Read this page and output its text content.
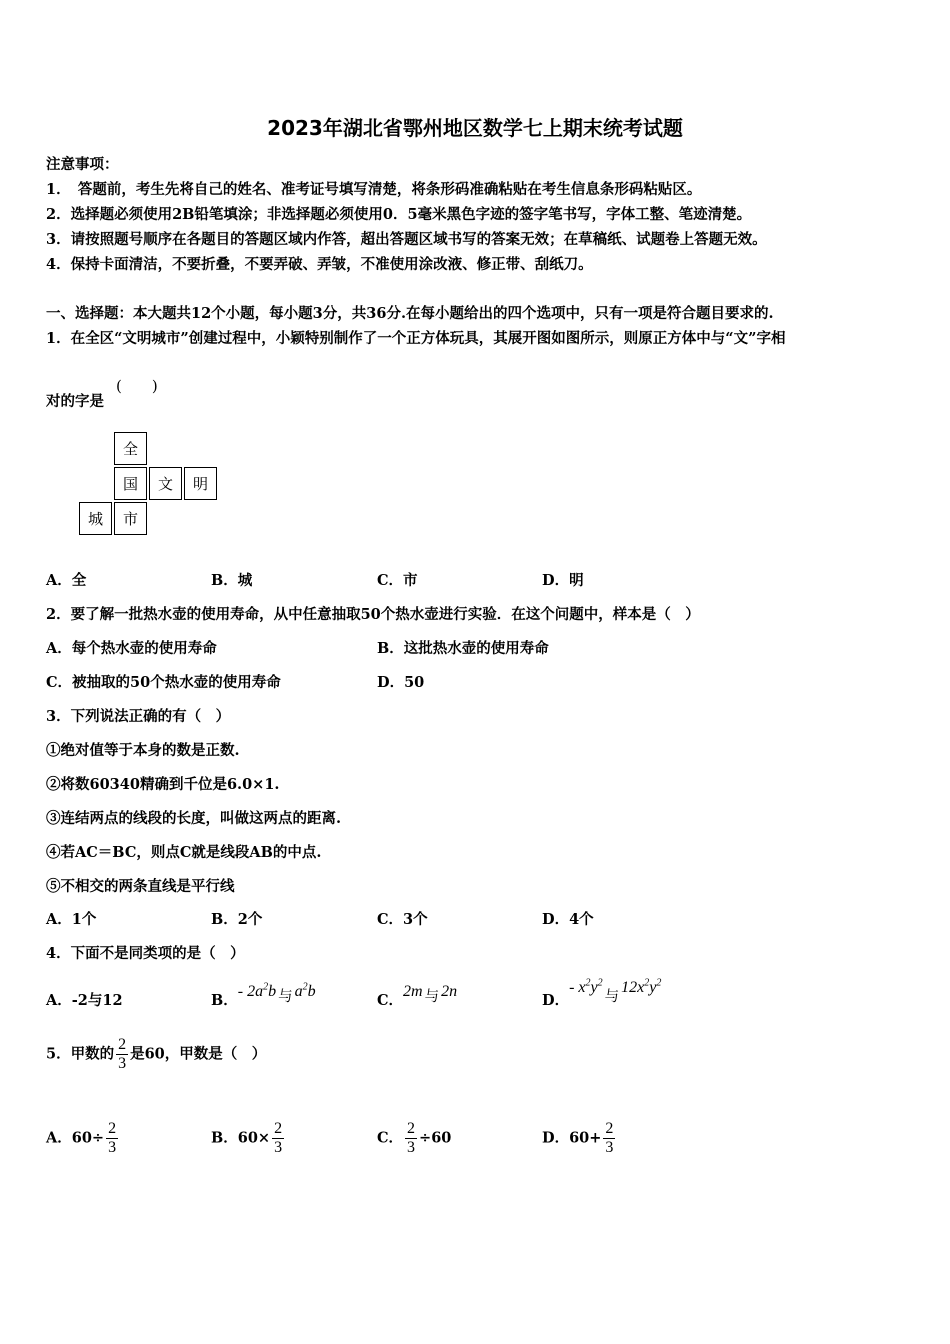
2023年湖北省鄂州地区数学七上期末统考试题
注意事项：
1．　答题前，考生先将自己的姓名、准考证号填写清楚，将条形码准确粘贴在考生信息条形码粘贴区。
2．选择题必须使用2B铅笔填涂；非选择题必须使用0．5毫米黑色字迹的签字笔书写，字体工整、笔迹清楚。
3．请按照题号顺序在各题目的答题区域内作答，超出答题区域书写的答案无效；在草稿纸、试题卷上答题无效。
4．保持卡面清洁，不要折叠，不要弄破、弄皱，不准使用涂改液、修正带、刮纸刀。
一、选择题：本大题共12个小题，每小题3分，共36分.在每小题给出的四个选项中，只有一项是符合题目要求的.
1．在全区“文明城市”创建过程中，小颖特别制作了一个正方体玩具，其展开图如图所示，则原正方体中与“文”字相
对的字是
(　　)
全
国	文	明
城	市
A．全	B．城	C．市	D．明
2．要了解一批热水壶的使用寿命，从中任意抽取50个热水壶进行实验．在这个问题中，样本是（　）
A．每个热水壶的使用寿命	B．这批热水壶的使用寿命
C．被抽取的50个热水壶的使用寿命	D．50
3．下列说法正确的有（　）
①绝对值等于本身的数是正数.
②将数60340精确到千位是6.0×1.
③连结两点的线段的长度，叫做这两点的距离.
④若AC＝BC，则点C就是线段AB的中点.
⑤不相交的两条直线是平行线
A．1个	B．2个	C．3个	D．4个
4．下面不是同类项的是（　）
A．-2与12	B．- $2a^2b$ 与 $a^2b$
C．2m 与 2n
D．- $x^2y^2$与$12x^2y^2$
5．甲数的 $\frac{2}{3}$ 是60，甲数是（　）
A．$60\div \frac{2}{3}$	B．$60\times \frac{2}{3}$	C． $\frac{2}{3} \div 60$	D．$60+ \frac{2}{3}$
